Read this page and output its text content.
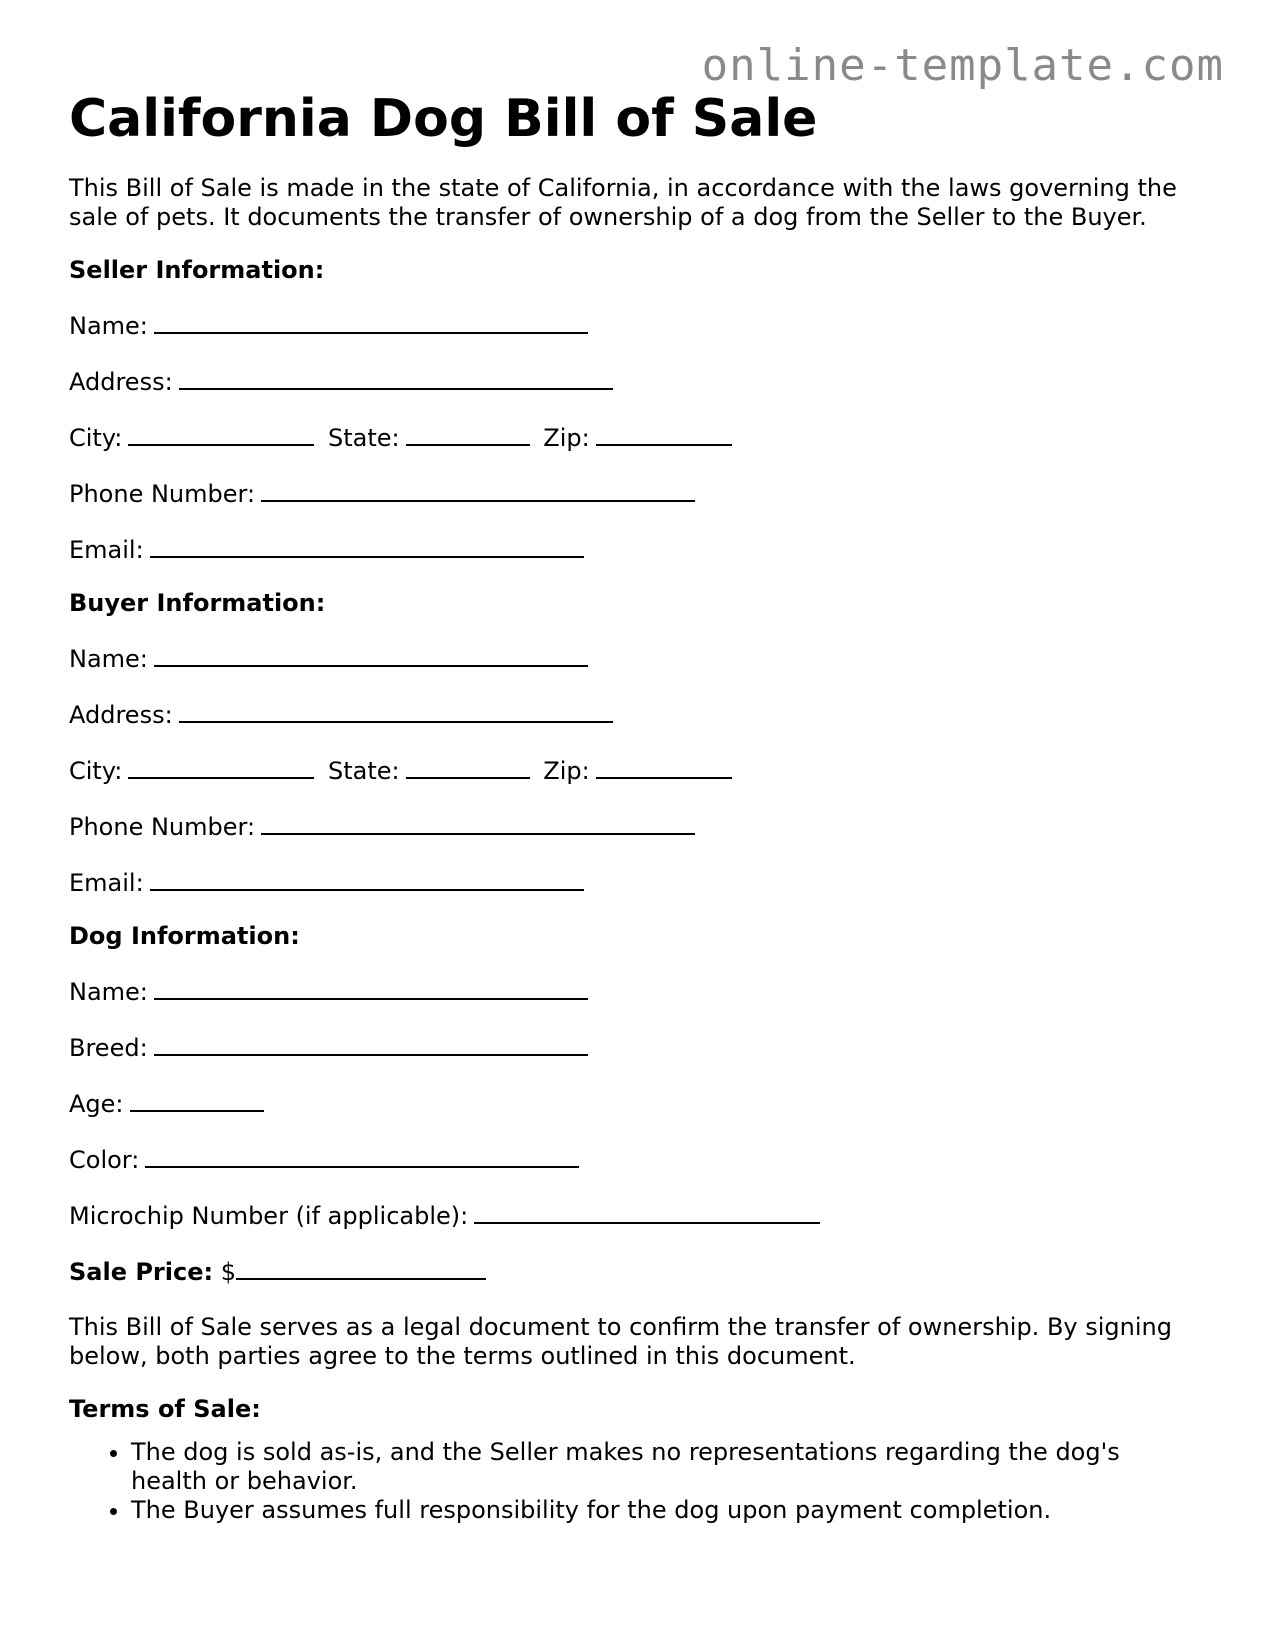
online-template.com
California Dog Bill of Sale
This Bill of Sale is made in the state of California, in accordance with the laws governing the sale of pets. It documents the transfer of ownership of a dog from the Seller to the Buyer.
Seller Information:
Name:
Address:
City:	State:	Zip:
Phone Number:
Email:
Buyer Information:
Name:
Address:
City:	State:	Zip:
Phone Number:
Email:
Dog Information:
Name:
Breed:
Age:
Color:
Microchip Number (if applicable):
Sale Price: $
This Bill of Sale serves as a legal document to confirm the transfer of ownership. By signing below, both parties agree to the terms outlined in this document.
Terms of Sale:
• The dog is sold as-is, and the Seller makes no representations regarding the dog's health or behavior.
• The Buyer assumes full responsibility for the dog upon payment completion.
